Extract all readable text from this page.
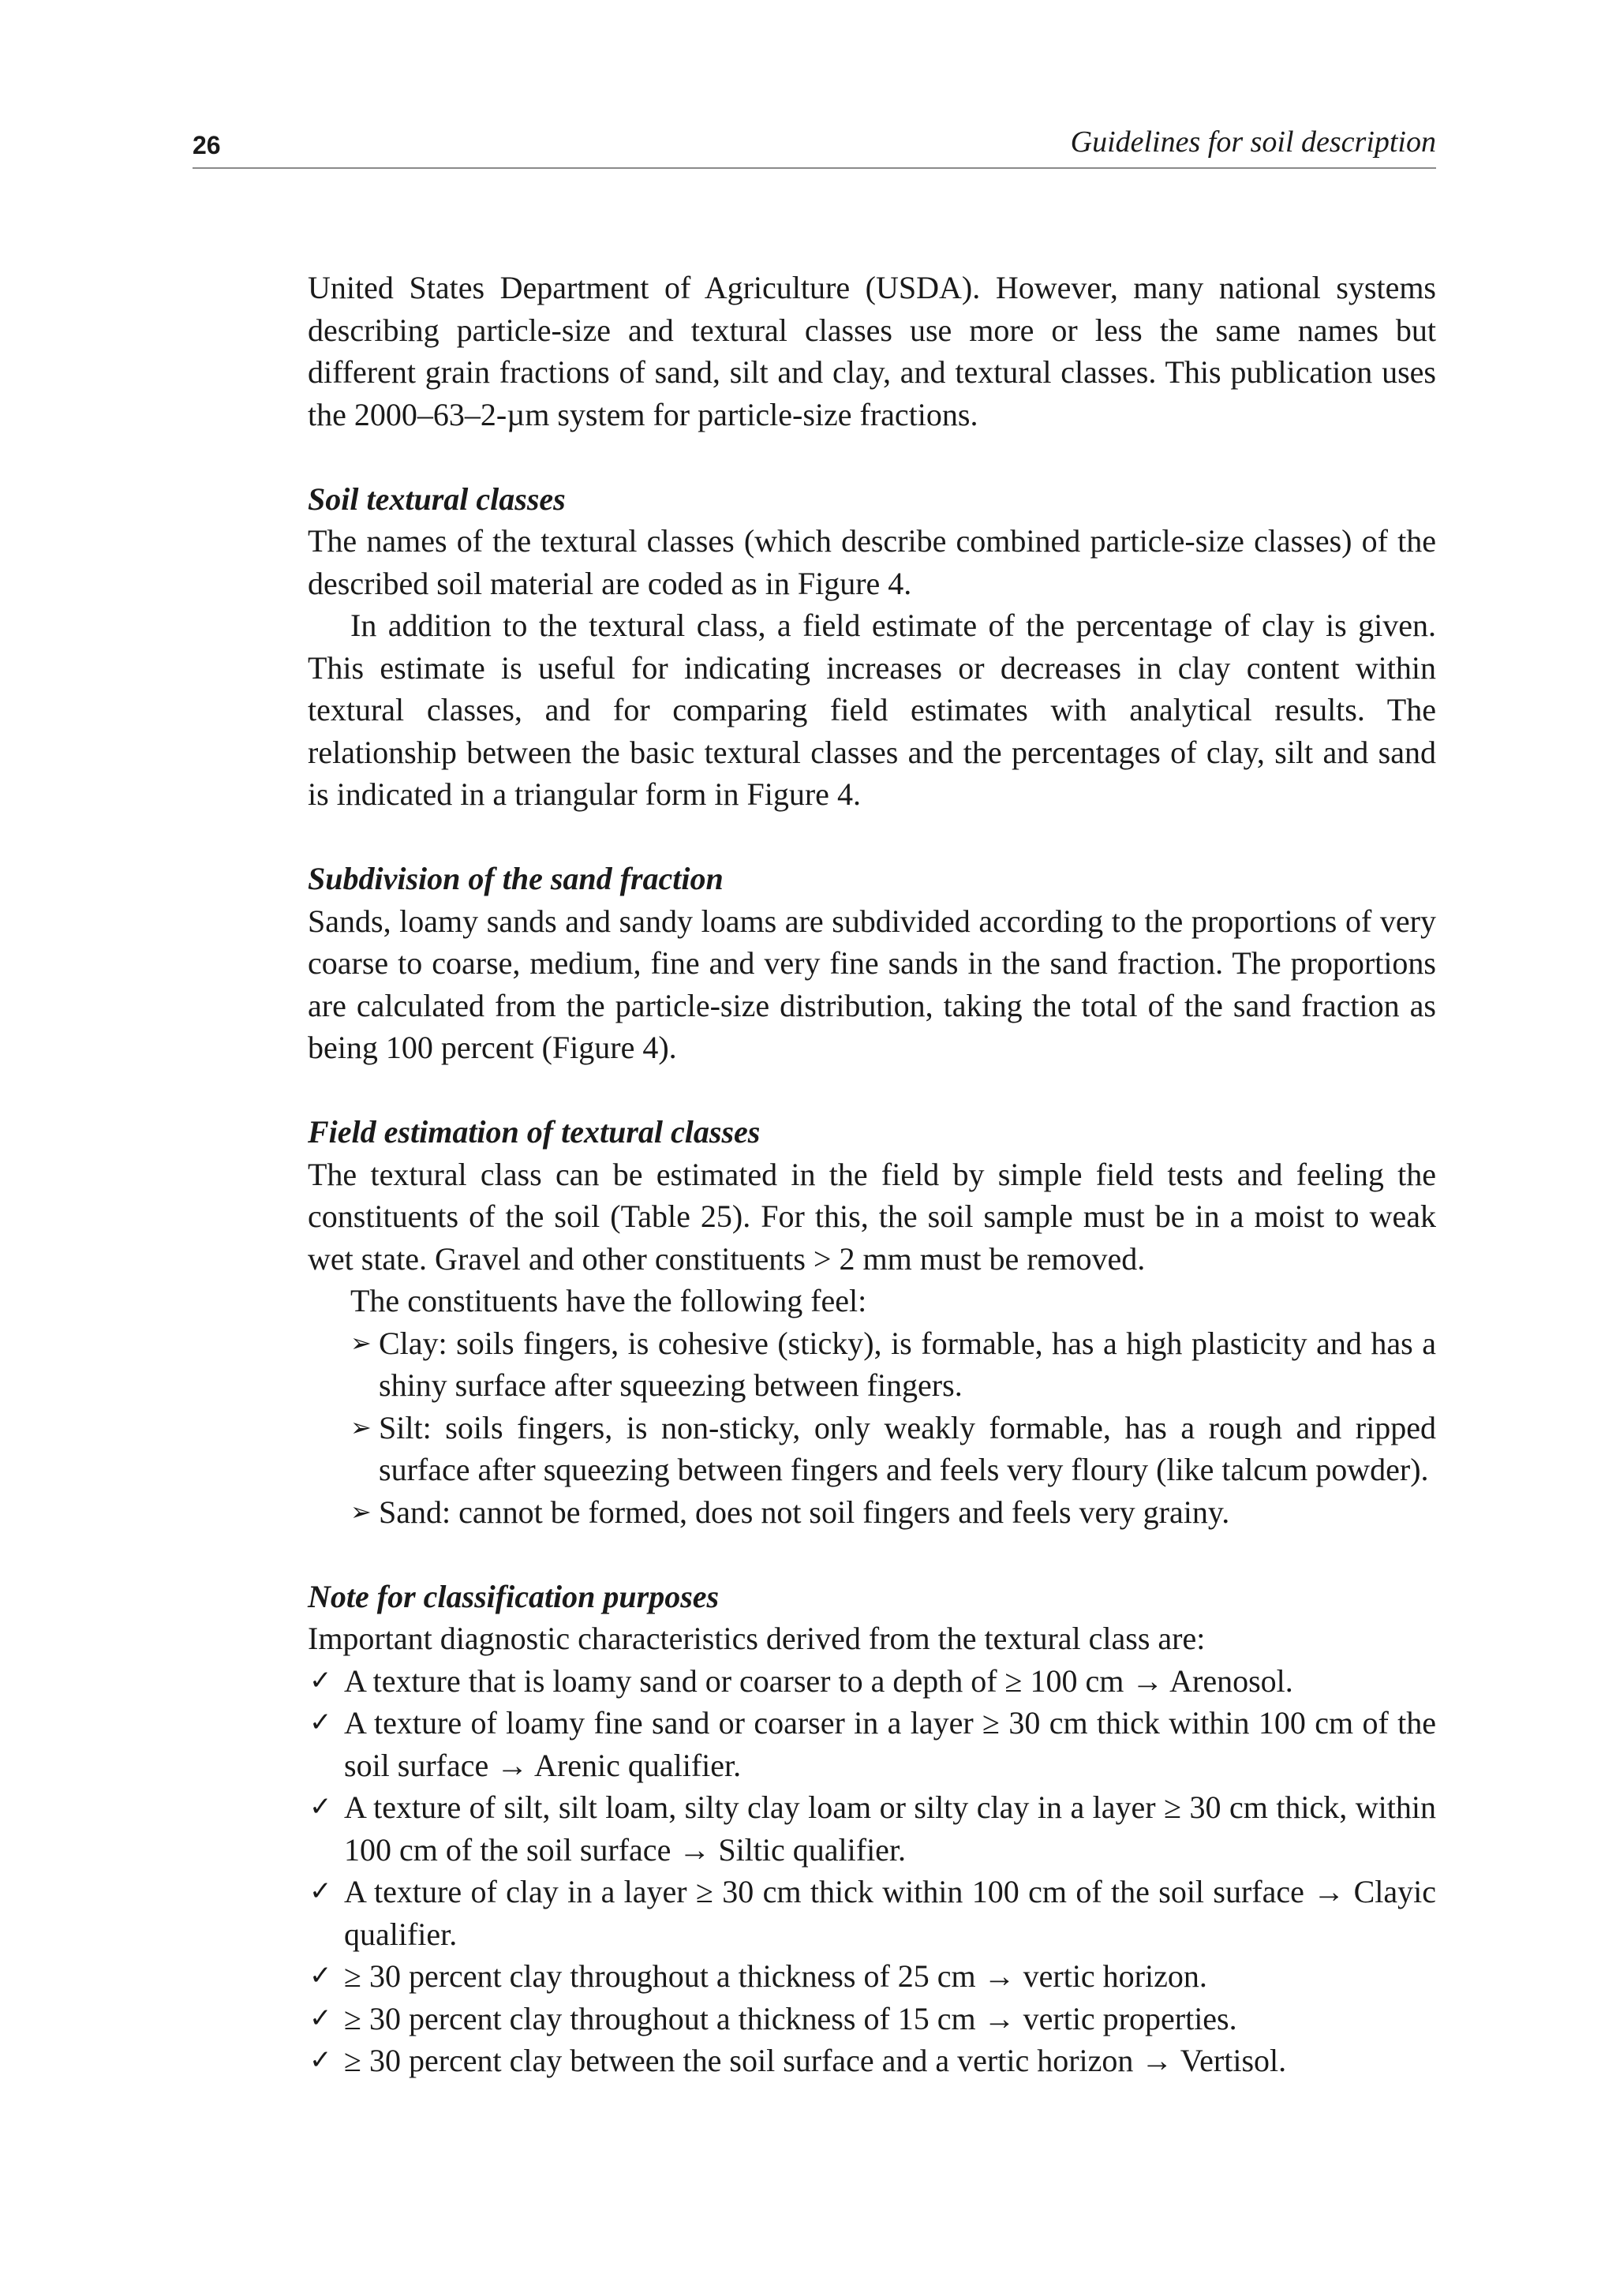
26	Guidelines for soil description

United States Department of Agriculture (USDA). However, many national systems describing particle-size and textural classes use more or less the same names but different grain fractions of sand, silt and clay, and textural classes. This publication uses the 2000–63–2-µm system for particle-size fractions.

Soil textural classes

The names of the textural classes (which describe combined particle-size classes) of the described soil material are coded as in Figure 4.

In addition to the textural class, a field estimate of the percentage of clay is given. This estimate is useful for indicating increases or decreases in clay content within textural classes, and for comparing field estimates with analytical results. The relationship between the basic textural classes and the percentages of clay, silt and sand is indicated in a triangular form in Figure 4.

Subdivision of the sand fraction

Sands, loamy sands and sandy loams are subdivided according to the proportions of very coarse to coarse, medium, fine and very fine sands in the sand fraction. The proportions are calculated from the particle-size distribution, taking the total of the sand fraction as being 100 percent (Figure 4).

Field estimation of textural classes

The textural class can be estimated in the field by simple field tests and feeling the constituents of the soil (Table 25). For this, the soil sample must be in a moist to weak wet state. Gravel and other constituents > 2 mm must be removed.

The constituents have the following feel:

➢ Clay: soils fingers, is cohesive (sticky), is formable, has a high plasticity and has a shiny surface after squeezing between fingers.
➢ Silt: soils fingers, is non-sticky, only weakly formable, has a rough and ripped surface after squeezing between fingers and feels very floury (like talcum powder).
➢ Sand: cannot be formed, does not soil fingers and feels very grainy.

Note for classification purposes

Important diagnostic characteristics derived from the textural class are:

✓ A texture that is loamy sand or coarser to a depth of ≥ 100 cm → Arenosol.
✓ A texture of loamy fine sand or coarser in a layer ≥ 30 cm thick within 100 cm of the soil surface → Arenic qualifier.
✓ A texture of silt, silt loam, silty clay loam or silty clay in a layer ≥ 30 cm thick, within 100 cm of the soil surface → Siltic qualifier.
✓ A texture of clay in a layer ≥ 30 cm thick within 100 cm of the soil surface → Clayic qualifier.
✓ ≥ 30 percent clay throughout a thickness of 25 cm → vertic horizon.
✓ ≥ 30 percent clay throughout a thickness of 15 cm → vertic properties.
✓ ≥ 30 percent clay between the soil surface and a vertic horizon → Vertisol.
